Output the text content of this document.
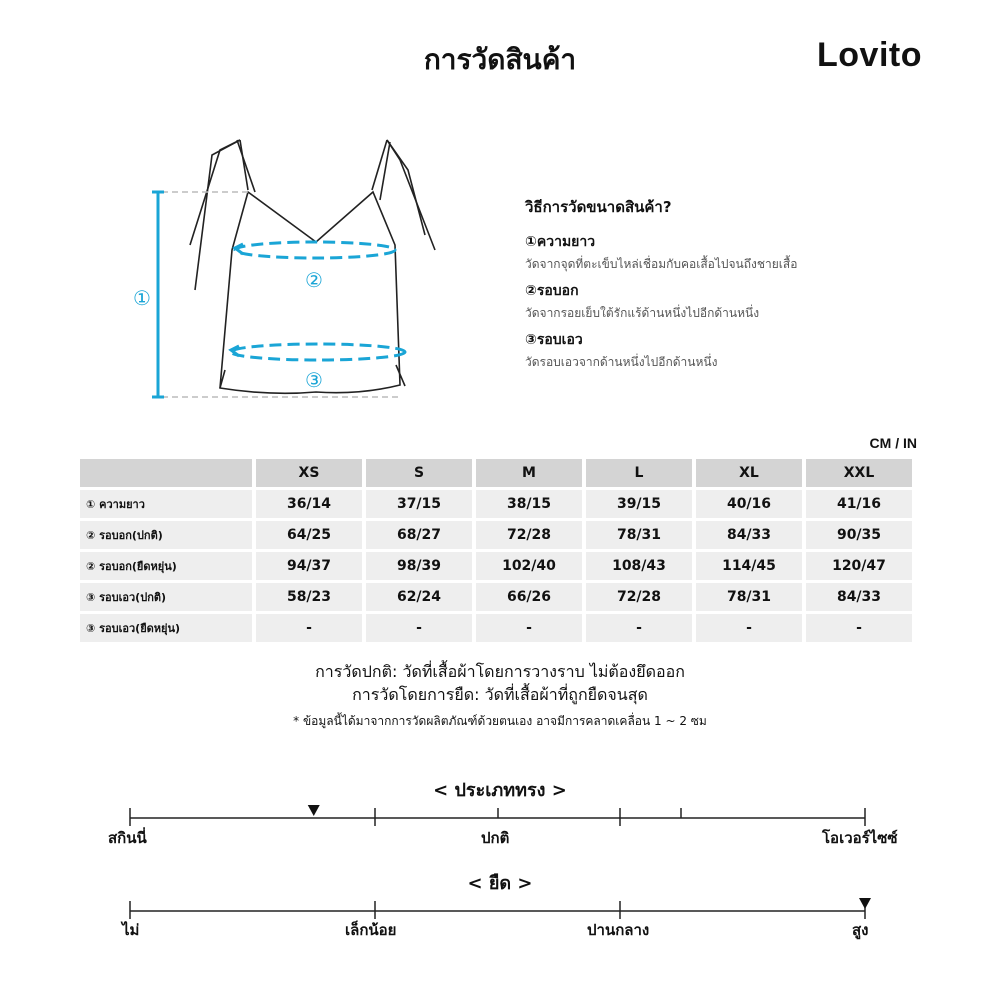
การวัดสินค้า	Lovito
①
②
③
วิธีการวัดขนาดสินค้า?
①ความยาว
วัดจากจุดที่ตะเข็บไหล่เชื่อมกับคอเสื้อไปจนถึงชายเสื้อ
②รอบอก
วัดจากรอยเย็บใต้รักแร้ด้านหนึ่งไปอีกด้านหนึ่ง
③รอบเอว
วัดรอบเอวจากด้านหนึ่งไปอีกด้านหนึ่ง
CM / IN
	XS	S	M	L	XL	XXL
① ความยาว	36/14	37/15	38/15	39/15	40/16	41/16
② รอบอก(ปกติ)	64/25	68/27	72/28	78/31	84/33	90/35
② รอบอก(ยืดหยุ่น)	94/37	98/39	102/40	108/43	114/45	120/47
③ รอบเอว(ปกติ)	58/23	62/24	66/26	72/28	78/31	84/33
③ รอบเอว(ยืดหยุ่น)	-	-	-	-	-	-
การวัดปกติ: วัดที่เสื้อผ้าโดยการวางราบ ไม่ต้องยึดออก
การวัดโดยการยืด: วัดที่เสื้อผ้าที่ถูกยืดจนสุด
* ข้อมูลนี้ได้มาจากการวัดผลิตภัณฑ์ด้วยตนเอง อาจมีการคลาดเคลื่อน 1 ~ 2 ซม
< ประเภททรง >
สกินนี่	ปกติ	โอเวอร์ไซซ์
< ยืด >
ไม่	เล็กน้อย	ปานกลาง	สูง
